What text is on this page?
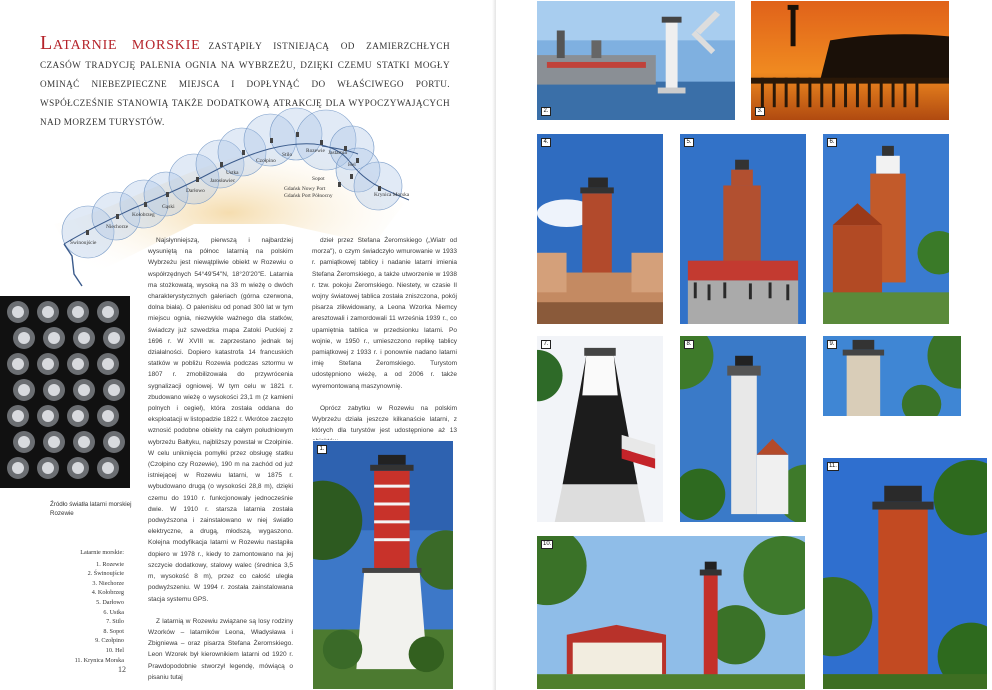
Latarnie morskie ZASTĄPIŁY ISTNIEJĄCĄ OD ZAMIERZCHŁYCH CZASÓW TRADYCJĘ PALENIA OGNIA NA WYBRZEŻU, DZIĘKI CZEMU STATKI MOGŁY OMINĄĆ NIEBEZPIECZNE MIEJSCA I DOPŁYNĄĆ DO WŁAŚCIWEGO PORTU. WSPÓŁCZEŚNIE STANOWIĄ TAKŻE DODATKOWĄ ATRAKCJĘ DLA WYPOCZYWAJĄCYCH NAD MORZEM TURYSTÓW.
Świnoujście
Niechorze
Kołobrzeg
Gąski
Darłowo
Jarosławiec
Ustka
Czołpino
Stilo
Rozewie Jastarnia
Hel
Sopot
Gdańsk Nowy Port
Gdańsk Port Północny	Krynica Morska
Źródło światła latarni morskiej Rozewie
Latarnie morskie:
1. Rozewie
2. Świnoujście
3. Niechorze
4. Kołobrzeg
5. Darłowo
6. Ustka
7. Stilo
8. Sopot
9. Czołpino
10. Hel
11. Krynica Morska
12

Najsłynniejszą, pierwszą i najbardziej wysuniętą na północ latarnią na polskim Wybrzeżu jest niewątpliwie obiekt w Rozewiu o współrzędnych 54°49'54"N, 18°20'20"E. Latarnia ma stożkowatą, wysoką na 33 m wieżę o dwóch charakterystycznych galeriach (górna czerwona, dolna biała). O palenisku od ponad 300 lat w tym miejscu ognia, niezwykle ważnego dla statków, świadczy już szwedzka mapa Zatoki Puckiej z 1696 r. W XVIII w. zaprzestano jednak tej działalności. Dopiero katastrofa 14 francuskich statków w pobliżu Rozewia podczas sztormu w 1807 r. zmobilizowała do przywrócenia sygnalizacji ogniowej. W tym celu w 1821 r. zbudowano wieżę o wysokości 23,1 m (z kamieni polnych i cegieł), która została oddana do eksploatacji w listopadzie 1822 r. Wkrótce zaczęto wznosić podobne obiekty na całym południowym wybrzeżu Bałtyku, najbliższy powstał w Czołpinie. W celu uniknięcia pomyłki przez obsługę statku (Czołpino czy Rozewie), 190 m na zachód od już istniejącej w Rozewiu latarni, w 1875 r. wybudowano drugą (o wysokości 28,8 m), dzięki czemu do 1910 r. funkcjonowały jednocześnie dwie. W 1910 r. starsza latarnia została podwyższona i zainstalowano w niej światło elektryczne, a drugą, młodszą, wygaszono. Kolejna modyfikacja latarni w Rozewiu nastąpiła dopiero w 1978 r., kiedy to zamontowano na jej szczycie dodatkowy, stalowy walec (średnica 3,5 m, wysokość 8 m), przez co całość uległa podwyższeniu. W 1994 r. została zainstalowana stacja systemu GPS.

Z latarnią w Rozewiu związane są losy rodziny Wzorków – latarników Leona, Władysława i Zbigniewa – oraz pisarza Stefana Żeromskiego. Leon Wzorek był kierownikiem latarni od 1920 r. Prawdopodobnie stworzył legendę, mówiącą o pisaniu tutaj

dzieł przez Stefana Żeromskiego („Wiatr od morza"), o czym świadczyło wmurowanie w 1933 r. pamiątkowej tablicy i nadanie latarni imienia Stefana Żeromskiego, a także utworzenie w 1938 r. tzw. pokoju Żeromskiego. Niestety, w czasie II wojny światowej tablica została zniszczona, pokój pisarza zlikwidowany, a Leona Wzorka Niemcy aresztowali i zamordowali 11 września 1939 r., co upamiętnia tablica w przedsionku latarni. Po wojnie, w 1950 r., umieszczono replikę tablicy pamiątkowej z 1933 r. i ponownie nadano latarni imię Stefana Żeromskiego. Turystom udostępniono wieżę, a od 2006 r. także wyremontowaną maszynownię.

Oprócz zabytku w Rozewiu na polskim Wybrzeżu działa jeszcze kilkanaście latarni, z których dla turystów jest udostępnione aż 13

1.
2.	3.
4.	5.	6.
7.	8.	9.
10.
11.
